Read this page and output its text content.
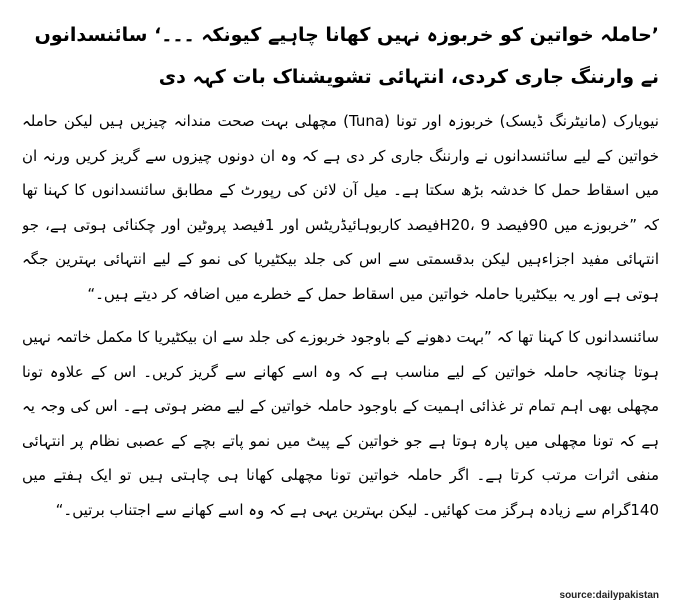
’حاملہ خواتین کو خربوزہ نہیں کھانا چاہیے کیونکہ ۔۔۔‘ سائنسدانوں نے وارننگ جاری کردی، انتہائی تشویشناک بات کہہ دی

نیویارک (مانیٹرنگ ڈیسک) خربوزہ اور تونا (Tuna) مچھلی بہت صحت مندانہ چیزیں ہیں لیکن حاملہ خواتین کے لیے سائنسدانوں نے وارننگ جاری کر دی ہے کہ وہ ان دونوں چیزوں سے گریز کریں ورنہ ان میں اسقاط حمل کا خدشہ بڑھ سکتا ہے۔ میل آن لائن کی رپورٹ کے مطابق سائنسدانوں کا کہنا تھا کہ ”خربوزے میں 90فیصد H20، 9فیصد کاربوہائیڈریٹس اور 1فیصد پروٹین اور چکنائی ہوتی ہے، جو انتہائی مفید اجزاءہیں لیکن بدقسمتی سے اس کی جلد بیکٹیریا کی نمو کے لیے انتہائی بہترین جگہ ہوتی ہے اور یہ بیکٹیریا حاملہ خواتین میں اسقاط حمل کے خطرے میں اضافہ کر دیتے ہیں۔“

سائنسدانوں کا کہنا تھا کہ ”بہت دھونے کے باوجود خربوزے کی جلد سے ان بیکٹیریا کا مکمل خاتمہ نہیں ہوتا چنانچہ حاملہ خواتین کے لیے مناسب ہے کہ وہ اسے کھانے سے گریز کریں۔ اس کے علاوہ تونا مچھلی بھی اہم تمام تر غذائی اہمیت کے باوجود حاملہ خواتین کے لیے مضر ہوتی ہے۔ اس کی وجہ یہ ہے کہ تونا مچھلی میں پارہ ہوتا ہے جو خواتین کے پیٹ میں نمو پاتے بچے کے عصبی نظام پر انتہائی منفی اثرات مرتب کرتا ہے۔ اگر حاملہ خواتین تونا مچھلی کھانا ہی چاہتی ہیں تو ایک ہفتے میں 140گرام سے زیادہ ہرگز مت کھائیں۔ لیکن بہترین یہی ہے کہ وہ اسے کھانے سے اجتناب برتیں۔“

source:dailypakistan
